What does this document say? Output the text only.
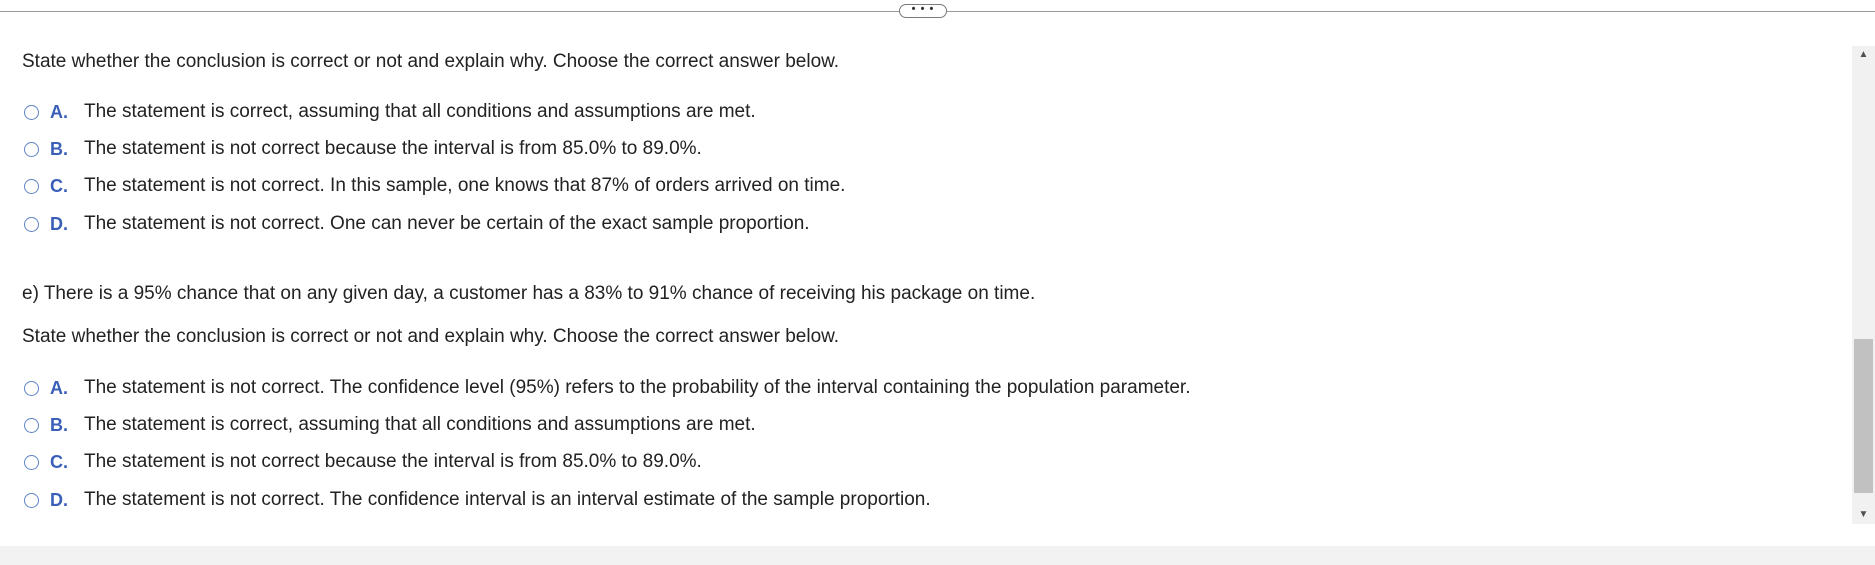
• • •
State whether the conclusion is correct or not and explain why. Choose the correct answer below.
A. The statement is correct, assuming that all conditions and assumptions are met.
B. The statement is not correct because the interval is from 85.0% to 89.0%.
C. The statement is not correct. In this sample, one knows that 87% of orders arrived on time.
D. The statement is not correct. One can never be certain of the exact sample proportion.
e) There is a 95% chance that on any given day, a customer has a 83% to 91% chance of receiving his package on time.
State whether the conclusion is correct or not and explain why. Choose the correct answer below.
A. The statement is not correct. The confidence level (95%) refers to the probability of the interval containing the population parameter.
B. The statement is correct, assuming that all conditions and assumptions are met.
C. The statement is not correct because the interval is from 85.0% to 89.0%.
D. The statement is not correct. The confidence interval is an interval estimate of the sample proportion.
▲
▼
